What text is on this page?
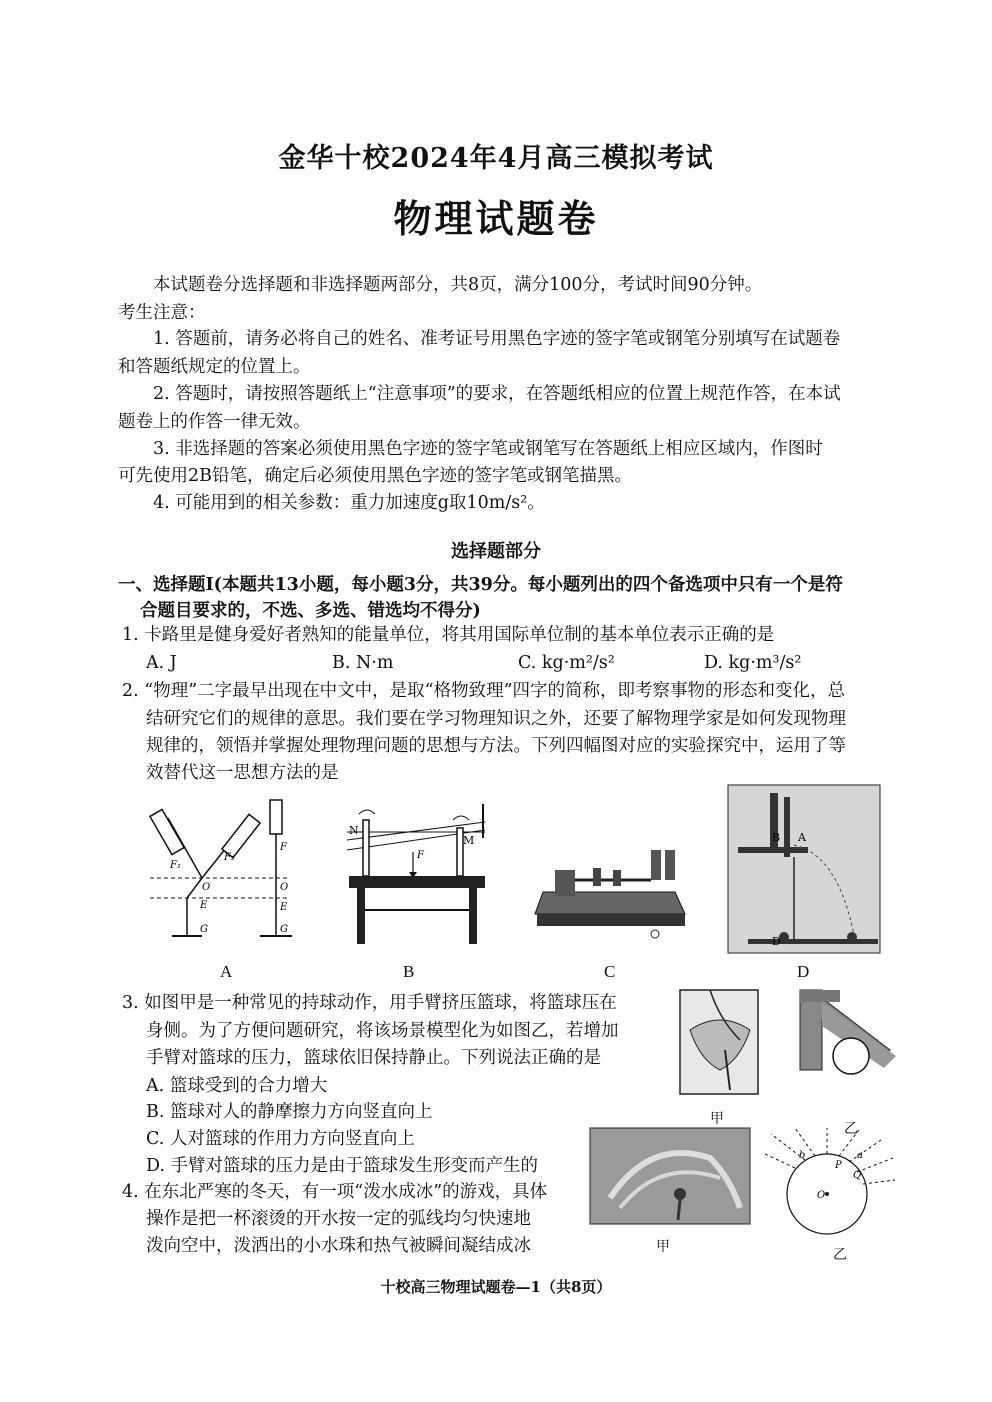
金华十校2024年4月高三模拟考试
物理试题卷
本试题卷分选择题和非选择题两部分，共8页，满分100分，考试时间90分钟。
考生注意：
1. 答题前，请务必将自己的姓名、准考证号用黑色字迹的签字笔或钢笔分别填写在试题卷
和答题纸规定的位置上。
2. 答题时，请按照答题纸上“注意事项”的要求，在答题纸相应的位置上规范作答，在本试
题卷上的作答一律无效。
3. 非选择题的答案必须使用黑色字迹的签字笔或钢笔写在答题纸上相应区域内，作图时
可先使用2B铅笔，确定后必须使用黑色字迹的签字笔或钢笔描黑。
4. 可能用到的相关参数：重力加速度g取10m/s²。
选择题部分
一、选择题Ⅰ(本题共13小题，每小题3分，共39分。每小题列出的四个备选项中只有一个是符
合题目要求的，不选、多选、错选均不得分)
1. 卡路里是健身爱好者熟知的能量单位，将其用国际单位制的基本单位表示正确的是
A. J	B. N·m	C. kg·m²/s²	D. kg·m³/s²
2. “物理”二字最早出现在中文中，是取“格物致理”四字的简称，即考察事物的形态和变化，总
结研究它们的规律的意思。我们要在学习物理知识之外，还要了解物理学家是如何发现物理
规律的，领悟并掌握处理物理问题的思想与方法。下列四幅图对应的实验探究中，运用了等
效替代这一思想方法的是
F₁
F₂
F
O	O
E	E
G	G
A
N
M
F
B	C
A
B
D
D
3. 如图甲是一种常见的持球动作，用手臂挤压篮球，将篮球压在
身侧。为了方便问题研究，将该场景模型化为如图乙，若增加
手臂对篮球的压力，篮球依旧保持静止。下列说法正确的是
A. 篮球受到的合力增大
B. 篮球对人的静摩擦力方向竖直向上
C. 人对篮球的作用力方向竖直向上
D. 手臂对篮球的压力是由于篮球发生形变而产生的
甲
乙
4. 在东北严寒的冬天，有一项“泼水成冰”的游戏，具体
操作是把一杯滚烫的开水按一定的弧线均匀快速地
泼向空中，泼洒出的小水珠和热气被瞬间凝结成冰	甲
b
P
Q
a
O
乙
十校高三物理试题卷—1（共8页）
